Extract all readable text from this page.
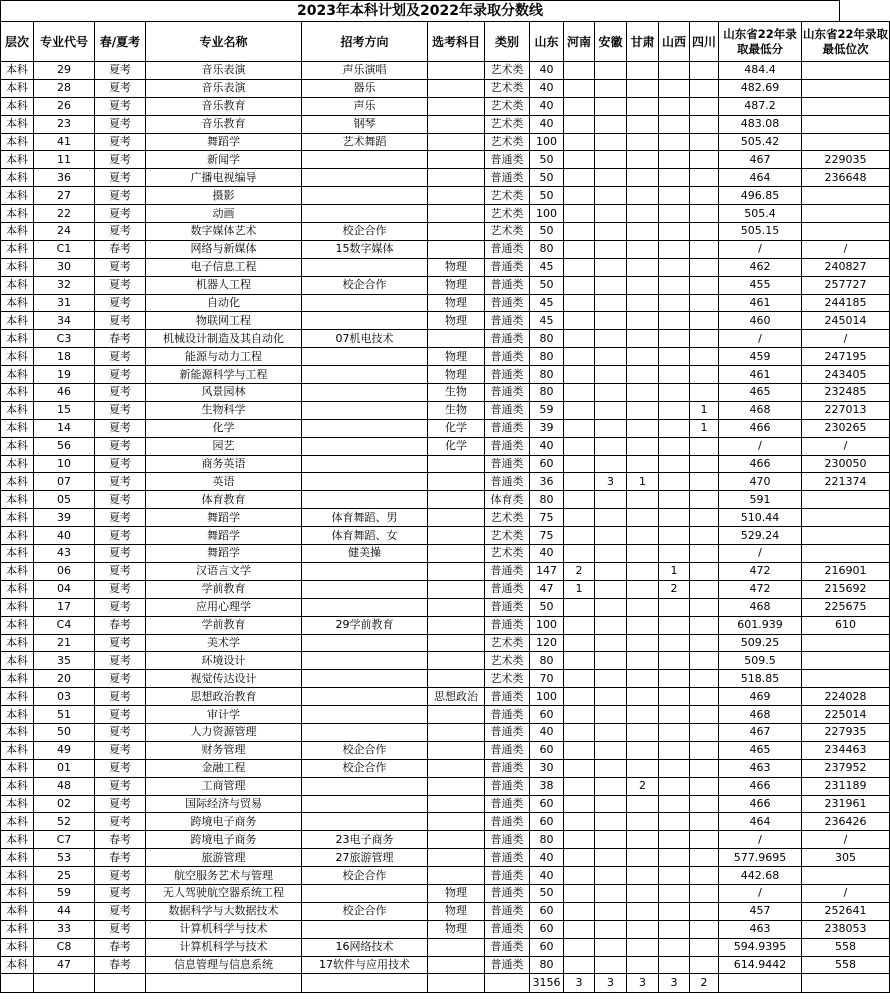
2023年本科计划及2022年录取分数线
层次	专业代号	春/夏考	专业名称	招考方向	选考科目	类别	山东	河南	安徽	甘肃	山西	四川	山东省22年录取最低分	山东省22年录取最低位次
本科	29	夏考	音乐表演	声乐演唱		艺术类	40						484.4	
本科	28	夏考	音乐表演	器乐		艺术类	40						482.69	
本科	26	夏考	音乐教育	声乐		艺术类	40						487.2	
本科	23	夏考	音乐教育	钢琴		艺术类	40						483.08	
本科	41	夏考	舞蹈学	艺术舞蹈		艺术类	100						505.42	
本科	11	夏考	新闻学			普通类	50						467	229035
本科	36	夏考	广播电视编导			普通类	50						464	236648
本科	27	夏考	摄影			艺术类	50						496.85	
本科	22	夏考	动画			艺术类	100						505.4	
本科	24	夏考	数字媒体艺术	校企合作		艺术类	50						505.15	
本科	C1	春考	网络与新媒体	15数字媒体		普通类	80						/	/
本科	30	夏考	电子信息工程		物理	普通类	45						462	240827
本科	32	夏考	机器人工程	校企合作	物理	普通类	50						455	257727
本科	31	夏考	自动化		物理	普通类	45						461	244185
本科	34	夏考	物联网工程		物理	普通类	45						460	245014
本科	C3	春考	机械设计制造及其自动化	07机电技术		普通类	80						/	/
本科	18	夏考	能源与动力工程		物理	普通类	80						459	247195
本科	19	夏考	新能源科学与工程		物理	普通类	80						461	243405
本科	46	夏考	风景园林		生物	普通类	80						465	232485
本科	15	夏考	生物科学		生物	普通类	59					1	468	227013
本科	14	夏考	化学		化学	普通类	39					1	466	230265
本科	56	夏考	园艺		化学	普通类	40						/	/
本科	10	夏考	商务英语			普通类	60						466	230050
本科	07	夏考	英语			普通类	36		3	1			470	221374
本科	05	夏考	体育教育			体育类	80						591	
本科	39	夏考	舞蹈学	体育舞蹈、男		艺术类	75						510.44	
本科	40	夏考	舞蹈学	体育舞蹈、女		艺术类	75						529.24	
本科	43	夏考	舞蹈学	健美操		艺术类	40						/	
本科	06	夏考	汉语言文学			普通类	147	2			1		472	216901
本科	04	夏考	学前教育			普通类	47	1			2		472	215692
本科	17	夏考	应用心理学			普通类	50						468	225675
本科	C4	春考	学前教育	29学前教育		普通类	100						601.939	610
本科	21	夏考	美术学			艺术类	120						509.25	
本科	35	夏考	环境设计			艺术类	80						509.5	
本科	20	夏考	视觉传达设计			艺术类	70						518.85	
本科	03	夏考	思想政治教育		思想政治	普通类	100						469	224028
本科	51	夏考	审计学			普通类	60						468	225014
本科	50	夏考	人力资源管理			普通类	40						467	227935
本科	49	夏考	财务管理	校企合作		普通类	60						465	234463
本科	01	夏考	金融工程	校企合作		普通类	30						463	237952
本科	48	夏考	工商管理			普通类	38			2			466	231189
本科	02	夏考	国际经济与贸易			普通类	60						466	231961
本科	52	夏考	跨境电子商务			普通类	60						464	236426
本科	C7	春考	跨境电子商务	23电子商务		普通类	80						/	/
本科	53	春考	旅游管理	27旅游管理		普通类	40						577.9695	305
本科	25	夏考	航空服务艺术与管理	校企合作		普通类	40						442.68	
本科	59	夏考	无人驾驶航空器系统工程		物理	普通类	50						/	/
本科	44	夏考	数据科学与大数据技术	校企合作	物理	普通类	60						457	252641
本科	33	夏考	计算机科学与技术		物理	普通类	60						463	238053
本科	C8	春考	计算机科学与技术	16网络技术		普通类	60						594.9395	558
本科	47	春考	信息管理与信息系统	17软件与应用技术		普通类	80						614.9442	558
							3156	3	3	3	3	2		
